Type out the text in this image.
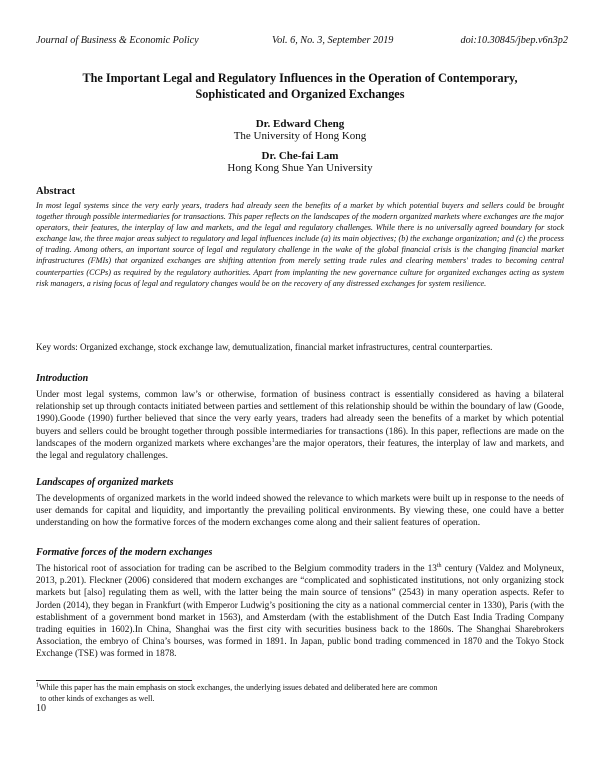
Journal of Business & Economic Policy	Vol. 6, No. 3, September 2019	doi:10.30845/jbep.v6n3p2
The Important Legal and Regulatory Influences in the Operation of Contemporary,
Sophisticated and Organized Exchanges
Dr. Edward Cheng
The University of Hong Kong
Dr. Che-fai Lam
Hong Kong Shue Yan University
Abstract
In most legal systems since the very early years, traders had already seen the benefits of a market by which potential buyers and sellers could be brought together through possible intermediaries for transactions. This paper reflects on the landscapes of the modern organized markets where exchanges are the major operators, their features, the interplay of law and markets, and the legal and regulatory challenges. While there is no universally agreed boundary for stock exchange law, the three major areas subject to regulatory and legal influences include (a) its main objectives; (b) the exchange organization; and (c) the process of trading. Among others, an important source of legal and regulatory challenge in the wake of the global financial crisis is the changing financial market infrastructures (FMIs) that organized exchanges are shifting attention from merely setting trade rules and clearing members' trades to becoming central counterparties (CCPs) as required by the regulatory authorities. Apart from implanting the new governance culture for organized exchanges acting as system risk managers, a rising focus of legal and regulatory changes would be on the recovery of any distressed exchanges for system resilience.
Key words: Organized exchange, stock exchange law, demutualization, financial market infrastructures, central counterparties.
Introduction
Under most legal systems, common law’s or otherwise, formation of business contract is essentially considered as having a bilateral relationship set up through contacts initiated between parties and settlement of this relationship should be within the boundary of law (Goode, 1990).Goode (1990) further believed that since the very early years, traders had already seen the benefits of a market by which potential buyers and sellers could be brought together through possible intermediaries for transactions (186). In this paper, reflections are made on the landscapes of the modern organized markets where exchanges$^1$are the major operators, their features, the interplay of law and markets, and the legal and regulatory challenges.
Landscapes of organized markets
The developments of organized markets in the world indeed showed the relevance to which markets were built up in response to the needs of user demands for capital and liquidity, and importantly the prevailing political environments. By viewing these, one could have a better understanding on how the formative forces of the modern exchanges come along and their salient features of operation.
Formative forces of the modern exchanges
The historical root of association for trading can be ascribed to the Belgium commodity traders in the 13th century (Valdez and Molyneux, 2013, p.201). Fleckner (2006) considered that modern exchanges are “complicated and sophisticated institutions, not only organizing stock markets but [also] regulating them as well, with the latter being the main source of tensions” (2543) in many operation aspects. Refer to Jorden (2014), they began in Frankfurt (with Emperor Ludwig’s positioning the city as a national commercial center in 1330), Paris (with the establishment of a government bond market in 1563), and Amsterdam (with the establishment of the Dutch East India Trading Company trading equities in 1602).In China, Shanghai was the first city with securities business back to the 1860s. The Shanghai Sharebrokers Association, the embryo of China’s bourses, was formed in 1891. In Japan, public bond trading commenced in 1870 and the Tokyo Stock Exchange (TSE) was formed in 1878.
$^1$While this paper has the main emphasis on stock exchanges, the underlying issues debated and deliberated here are common
to other kinds of exchanges as well.
10
